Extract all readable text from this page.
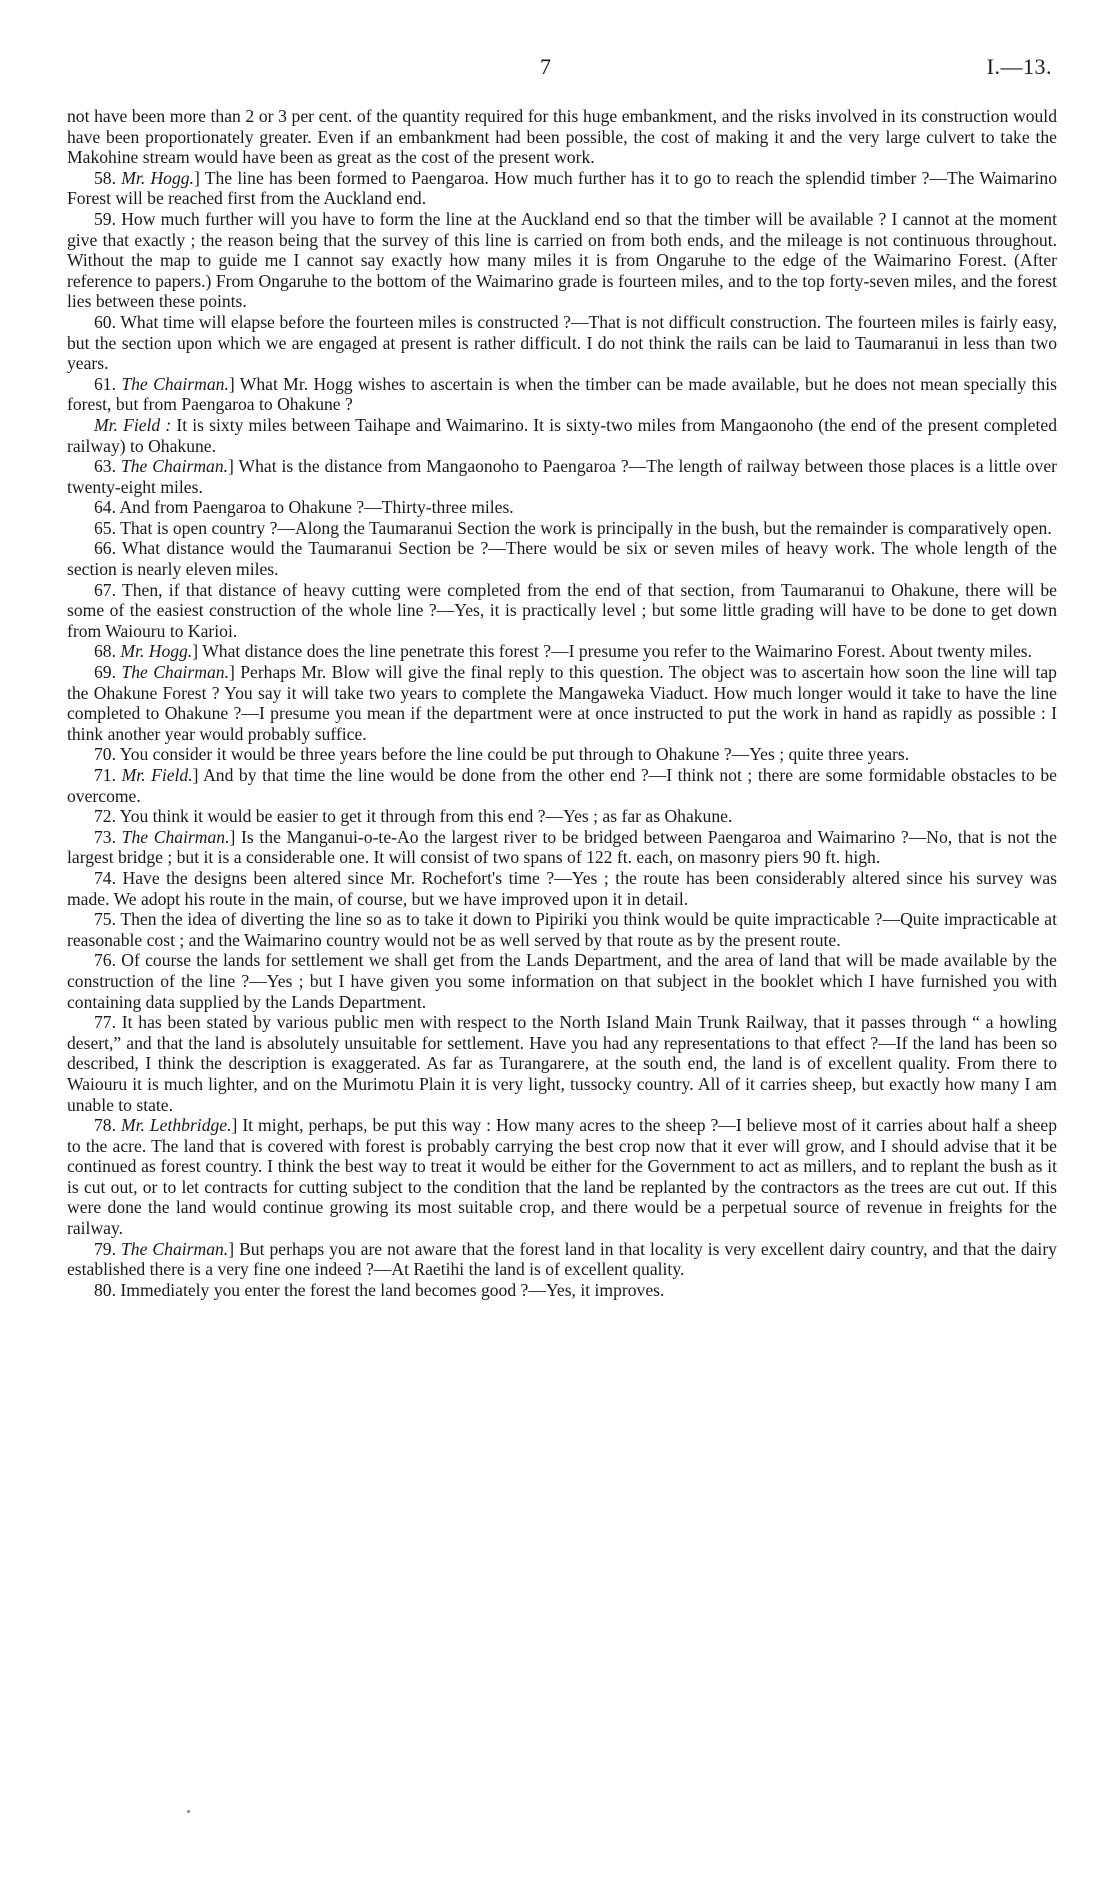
7	I.—13.

not have been more than 2 or 3 per cent. of the quantity required for this huge embankment, and the risks involved in its construction would have been proportionately greater. Even if an embankment had been possible, the cost of making it and the very large culvert to take the Makohine stream would have been as great as the cost of the present work.

58. Mr. Hogg.] The line has been formed to Paengaroa. How much further has it to go to reach the splendid timber ?—The Waimarino Forest will be reached first from the Auckland end.

59. How much further will you have to form the line at the Auckland end so that the timber will be available ? I cannot at the moment give that exactly ; the reason being that the survey of this line is carried on from both ends, and the mileage is not continuous throughout. Without the map to guide me I cannot say exactly how many miles it is from Ongaruhe to the edge of the Waimarino Forest. (After reference to papers.) From Ongaruhe to the bottom of the Waimarino grade is fourteen miles, and to the top forty-seven miles, and the forest lies between these points.

60. What time will elapse before the fourteen miles is constructed ?—That is not difficult construction. The fourteen miles is fairly easy, but the section upon which we are engaged at present is rather difficult. I do not think the rails can be laid to Taumaranui in less than two years.

61. The Chairman.] What Mr. Hogg wishes to ascertain is when the timber can be made available, but he does not mean specially this forest, but from Paengaroa to Ohakune ?

Mr. Field : It is sixty miles between Taihape and Waimarino. It is sixty-two miles from Mangaonoho (the end of the present completed railway) to Ohakune.

63. The Chairman.] What is the distance from Mangaonoho to Paengaroa ?—The length of railway between those places is a little over twenty-eight miles.

64. And from Paengaroa to Ohakune ?—Thirty-three miles.

65. That is open country ?—Along the Taumaranui Section the work is principally in the bush, but the remainder is comparatively open.

66. What distance would the Taumaranui Section be ?—There would be six or seven miles of heavy work. The whole length of the section is nearly eleven miles.

67. Then, if that distance of heavy cutting were completed from the end of that section, from Taumaranui to Ohakune, there will be some of the easiest construction of the whole line ?—Yes, it is practically level ; but some little grading will have to be done to get down from Waiouru to Karioi.

68. Mr. Hogg.] What distance does the line penetrate this forest ?—I presume you refer to the Waimarino Forest. About twenty miles.

69. The Chairman.] Perhaps Mr. Blow will give the final reply to this question. The object was to ascertain how soon the line will tap the Ohakune Forest ? You say it will take two years to complete the Mangaweka Viaduct. How much longer would it take to have the line completed to Ohakune ?—I presume you mean if the department were at once instructed to put the work in hand as rapidly as possible : I think another year would probably suffice.

70. You consider it would be three years before the line could be put through to Ohakune ?—Yes ; quite three years.

71. Mr. Field.] And by that time the line would be done from the other end ?—I think not ; there are some formidable obstacles to be overcome.

72. You think it would be easier to get it through from this end ?—Yes ; as far as Ohakune.

73. The Chairman.] Is the Manganui-o-te-Ao the largest river to be bridged between Paengaroa and Waimarino ?—No, that is not the largest bridge ; but it is a considerable one. It will consist of two spans of 122 ft. each, on masonry piers 90 ft. high.

74. Have the designs been altered since Mr. Rochefort's time ?—Yes ; the route has been considerably altered since his survey was made. We adopt his route in the main, of course, but we have improved upon it in detail.

75. Then the idea of diverting the line so as to take it down to Pipiriki you think would be quite impracticable ?—Quite impracticable at reasonable cost ; and the Waimarino country would not be as well served by that route as by the present route.

76. Of course the lands for settlement we shall get from the Lands Department, and the area of land that will be made available by the construction of the line ?—Yes ; but I have given you some information on that subject in the booklet which I have furnished you with containing data supplied by the Lands Department.

77. It has been stated by various public men with respect to the North Island Main Trunk Railway, that it passes through “ a howling desert,” and that the land is absolutely unsuitable for settlement. Have you had any representations to that effect ?—If the land has been so described, I think the description is exaggerated. As far as Turangarere, at the south end, the land is of excellent quality. From there to Waiouru it is much lighter, and on the Murimotu Plain it is very light, tussocky country. All of it carries sheep, but exactly how many I am unable to state.

78. Mr. Lethbridge.] It might, perhaps, be put this way : How many acres to the sheep ?—I believe most of it carries about half a sheep to the acre. The land that is covered with forest is probably carrying the best crop now that it ever will grow, and I should advise that it be continued as forest country. I think the best way to treat it would be either for the Government to act as millers, and to replant the bush as it is cut out, or to let contracts for cutting subject to the condition that the land be replanted by the contractors as the trees are cut out. If this were done the land would continue growing its most suitable crop, and there would be a perpetual source of revenue in freights for the railway.

79. The Chairman.] But perhaps you are not aware that the forest land in that locality is very excellent dairy country, and that the dairy established there is a very fine one indeed ?—At Raetihi the land is of excellent quality.

80. Immediately you enter the forest the land becomes good ?—Yes, it improves.
